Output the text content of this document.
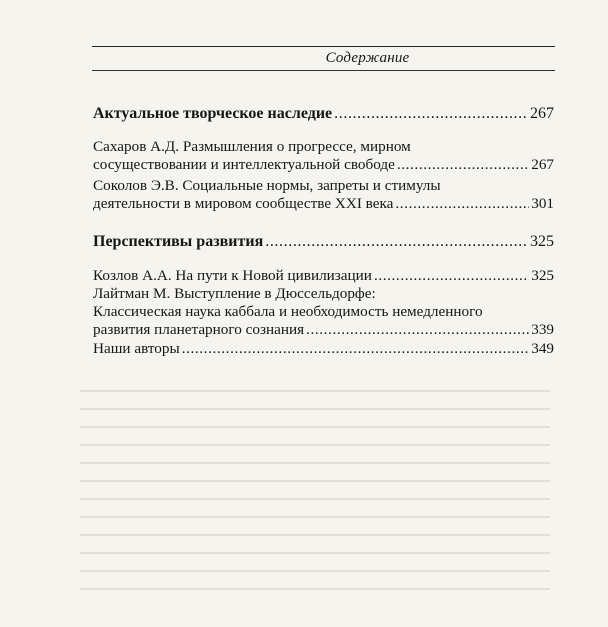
Содержание
Актуальное творческое наследие .....	267
Сахаров А.Д. Размышления о прогрессе, мирном
сосуществовании и интеллектуальной свободе .....	267
Соколов Э.В. Социальные нормы, запреты и стимулы
деятельности в мировом сообществе XXI века .....	301
Перспективы развития .....	325
Козлов А.А. На пути к Новой цивилизации .....	325
Лайтман М. Выступление в Дюссельдорфе:
Классическая наука каббала и необходимость немедленного
развития планетарного сознания .....	339
Наши авторы .....	349
